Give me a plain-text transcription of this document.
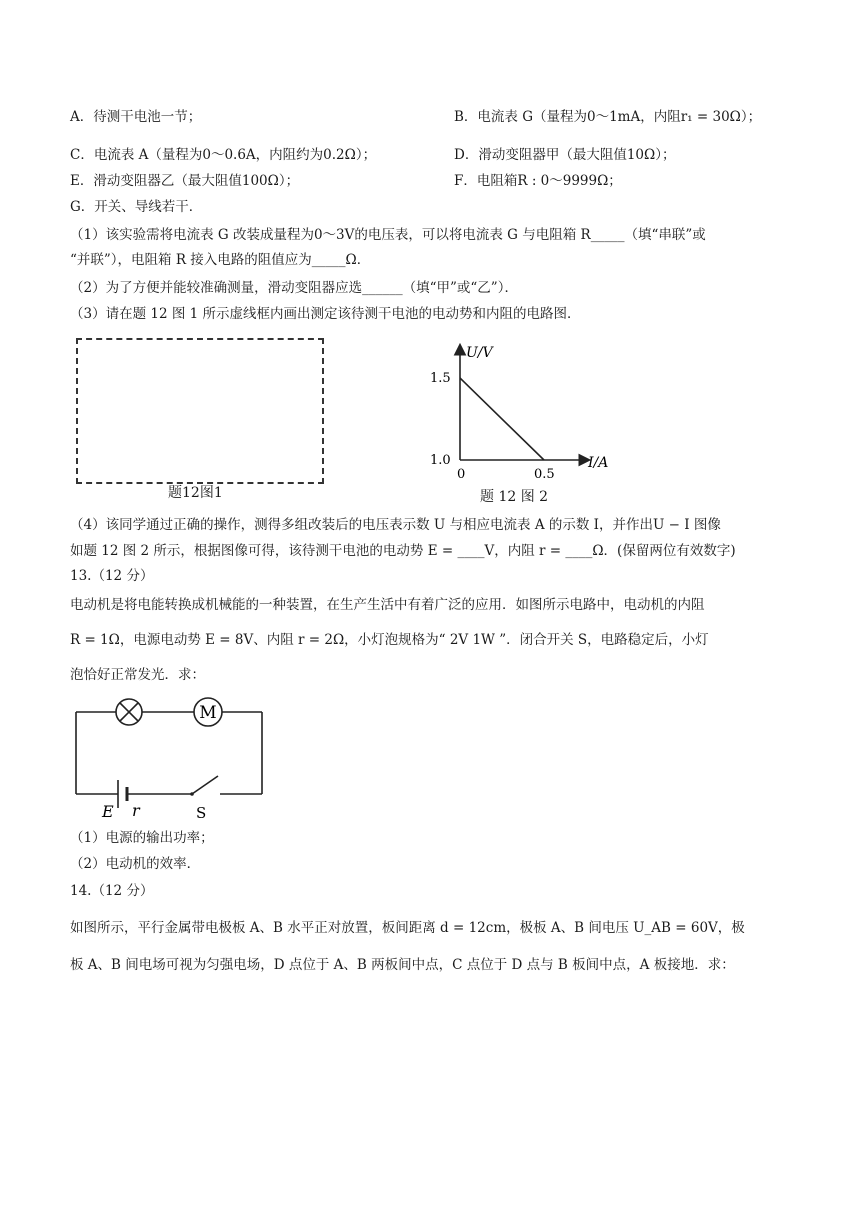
A．待测干电池一节；	B．电流表 G（量程为0～1mA，内阻r₁ = 30Ω）；
C．电流表 A（量程为0～0.6A，内阻约为0.2Ω）；	D．滑动变阻器甲（最大阻值10Ω）；
E．滑动变阻器乙（最大阻值100Ω）；	F．电阻箱R : 0～9999Ω；
G．开关、导线若干．
（1）该实验需将电流表 G 改装成量程为0～3V的电压表，可以将电流表 G 与电阻箱 R_____（填“串联”或
“并联”），电阻箱 R 接入电路的阻值应为_____Ω．
（2）为了方便并能较准确测量，滑动变阻器应选______（填“甲”或“乙”）．
（3）请在题 12 图 1 所示虚线框内画出测定该待测干电池的电动势和内阻的电路图．
题12图1
U/V
I/A
1.5
1.0
0	0.5
题 12 图 2
（4）该同学通过正确的操作，测得多组改装后的电压表示数 U 与相应电流表 A 的示数 I，并作出U − I 图像
如题 12 图 2 所示，根据图像可得，该待测干电池的电动势 E = ____V，内阻 r = ____Ω．(保留两位有效数字)
13.（12 分）
电动机是将电能转换成机械能的一种装置，在生产生活中有着广泛的应用．如图所示电路中，电动机的内阻
R = 1Ω，电源电动势 E = 8V、内阻 r = 2Ω，小灯泡规格为“ 2V 1W ”．闭合开关 S，电路稳定后，小灯
泡恰好正常发光．求：
M
E r	S
（1）电源的输出功率；
（2）电动机的效率．
14.（12 分）
如图所示，平行金属带电极板 A、B 水平正对放置，板间距离 d = 12cm，极板 A、B 间电压 U_AB = 60V，极
板 A、B 间电场可视为匀强电场，D 点位于 A、B 两板间中点，C 点位于 D 点与 B 板间中点，A 板接地．求：
